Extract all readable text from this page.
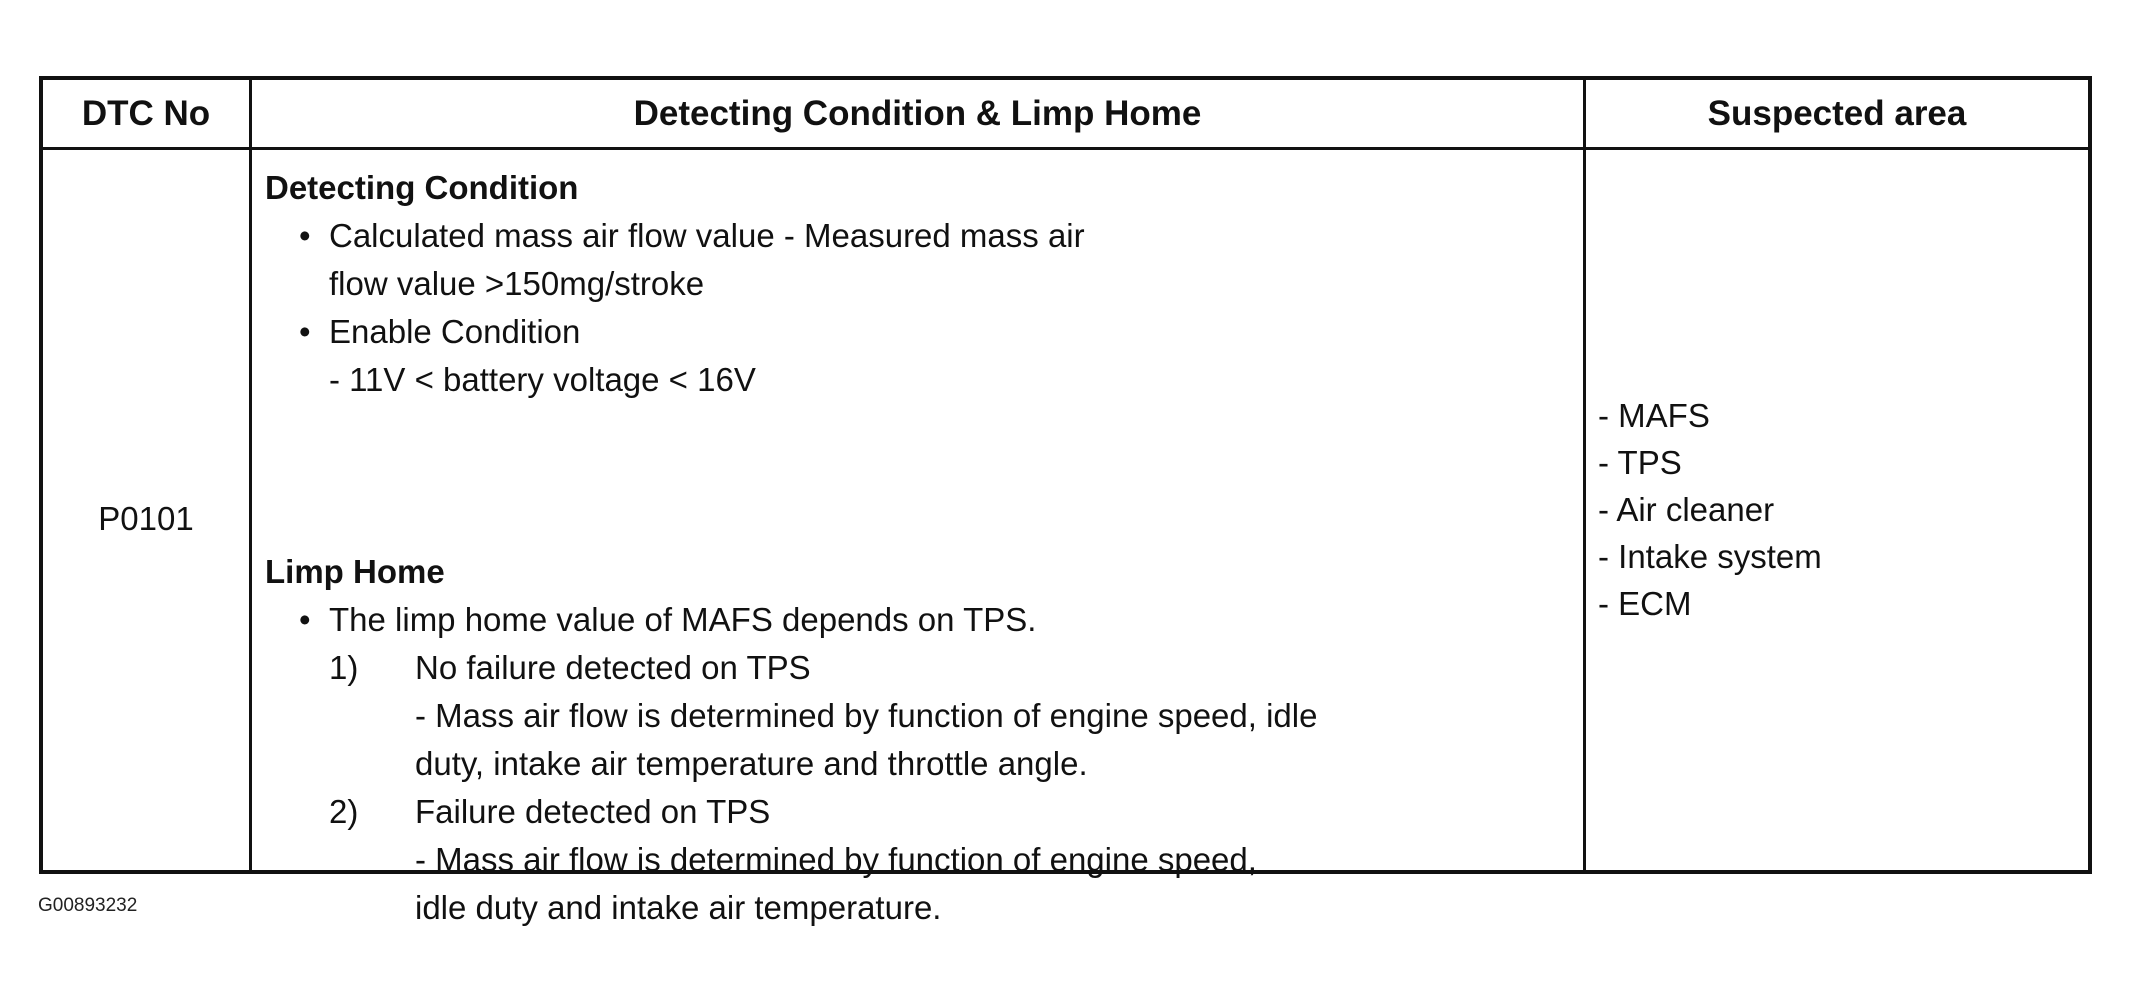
DTC No	Detecting Condition & Limp Home	Suspected area
P0101
Detecting Condition
• Calculated mass air flow value - Measured mass air
flow value >150mg/stroke
• Enable Condition
- 11V < battery voltage < 16V
Limp Home
• The limp home value of MAFS depends on TPS.
1) No failure detected on TPS
- Mass air flow is determined by function of engine speed, idle
duty, intake air temperature and throttle angle.
2) Failure detected on TPS
- Mass air flow is determined by function of engine speed,
idle duty and intake air temperature.
- MAFS
- TPS
- Air cleaner
- Intake system
- ECM
G00893232
